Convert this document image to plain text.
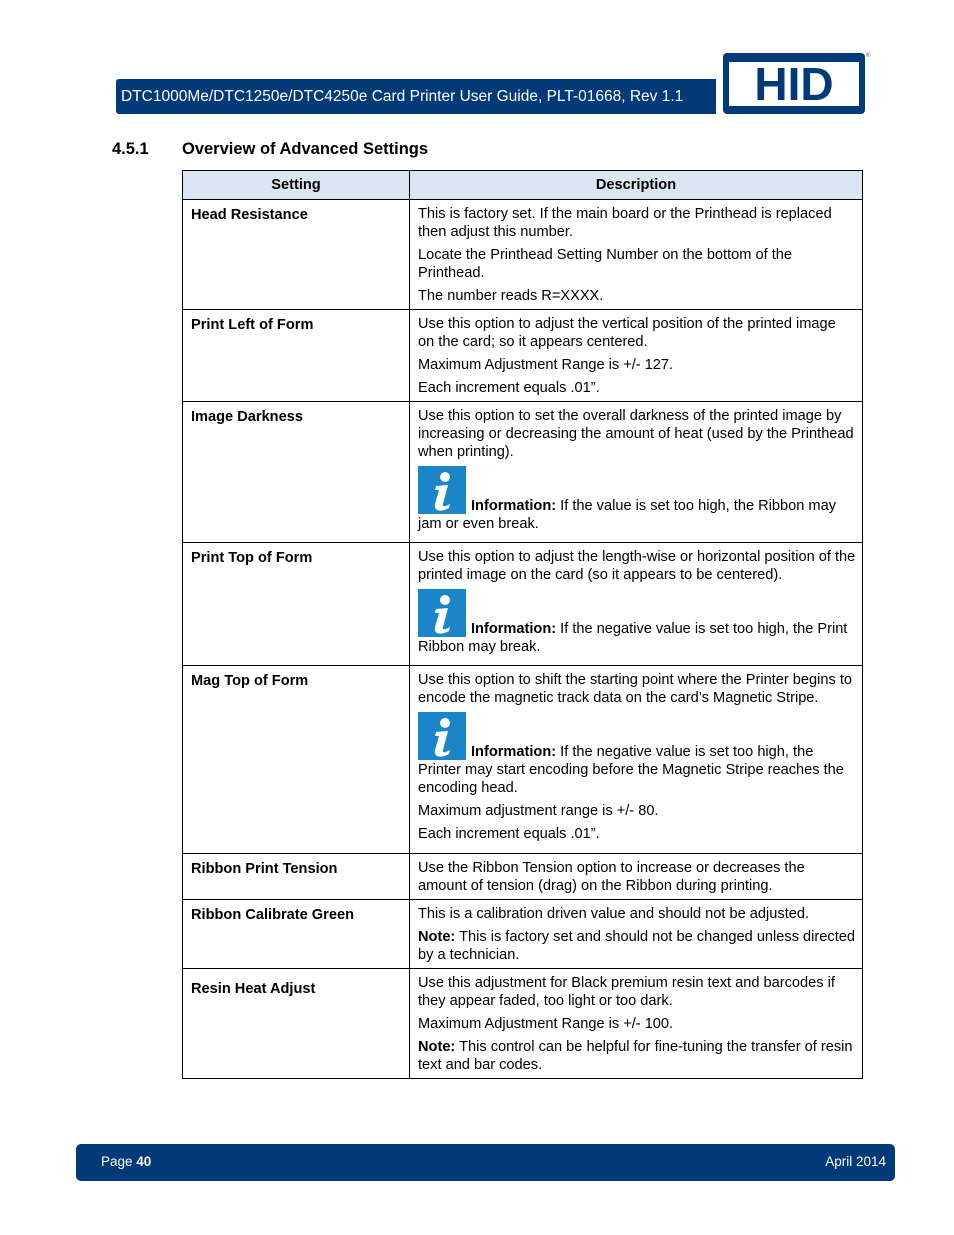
DTC1000Me/DTC1250e/DTC4250e Card Printer User Guide, PLT-01668, Rev 1.1	HID
®
4.5.1 Overview of Advanced Settings
Setting	Description
Head Resistance	This is factory set. If the main board or the Printhead is replaced then adjust this number.

Locate the Printhead Setting Number on the bottom of the Printhead.

The number reads R=XXXX.

Print Left of Form	Use this option to adjust the vertical position of the printed image on the card; so it appears centered.

Maximum Adjustment Range is +/- 127.

Each increment equals .01”.

Image Darkness	Use this option to set the overall darkness of the printed image by increasing or decreasing the amount of heat (used by the Printhead when printing).

Information: If the value is set too high, the Ribbon may jam or even break.

Print Top of Form	Use this option to adjust the length-wise or horizontal position of the printed image on the card (so it appears to be centered).

Information: If the negative value is set too high, the Print Ribbon may break.

Mag Top of Form	Use this option to shift the starting point where the Printer begins to encode the magnetic track data on the card’s Magnetic Stripe.

Information: If the negative value is set too high, the Printer may start encoding before the Magnetic Stripe reaches the encoding head.

Maximum adjustment range is +/- 80.

Each increment equals .01”.

Ribbon Print Tension	Use the Ribbon Tension option to increase or decreases the amount of tension (drag) on the Ribbon during printing.

Ribbon Calibrate Green	This is a calibration driven value and should not be adjusted.

Note: This is factory set and should not be changed unless directed by a technician.

Resin Heat Adjust	Use this adjustment for Black premium resin text and barcodes if they appear faded, too light or too dark.

Maximum Adjustment Range is +/- 100.

Note: This control can be helpful for fine-tuning the transfer of resin text and bar codes.

Page 40	April 2014
